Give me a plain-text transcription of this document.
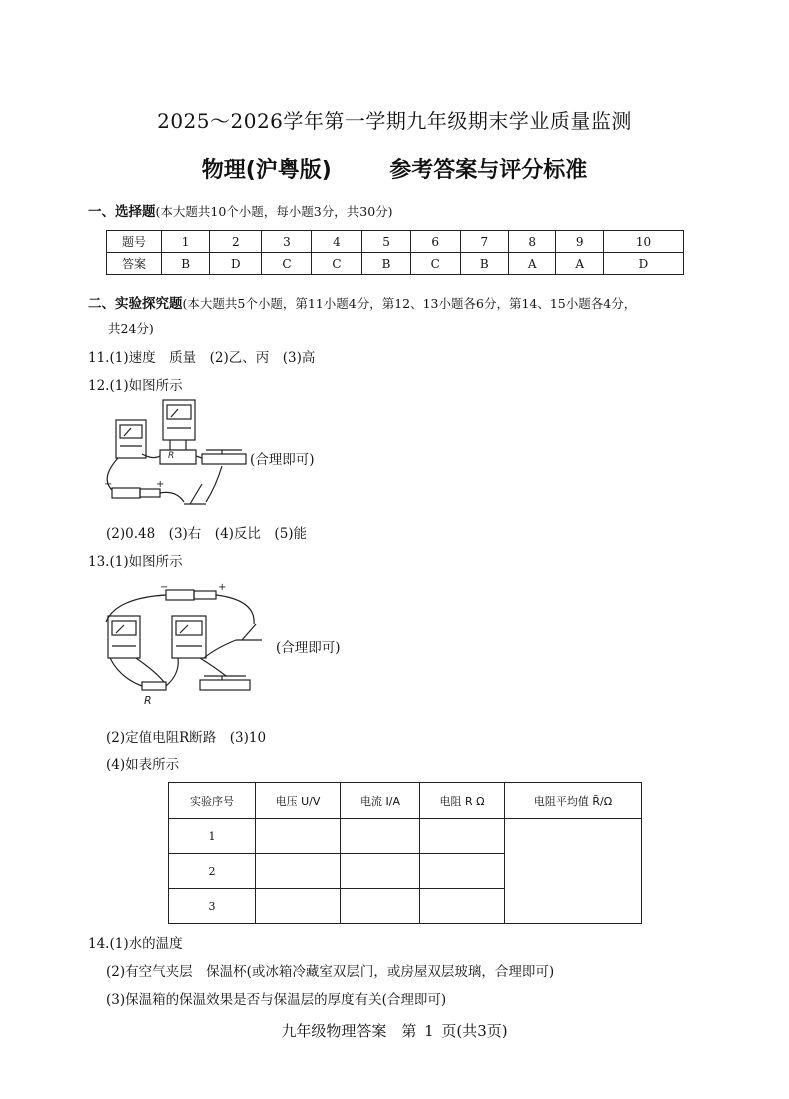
2025～2026学年第一学期九年级期末学业质量监测
物理(沪粤版)	参考答案与评分标准
一、选择题(本大题共10个小题，每小题3分，共30分)
题号	1	2	3	4	5	6	7	8	9	10
答案	B	D	C	C	B	C	B	A	A	D
二、实验探究题(本大题共5个小题，第11小题4分，第12、13小题各6分，第14、15小题各4分，
共24分)
11.(1)速度　质量　(2)乙、丙　(3)高
12.(1)如图所示
−	+
R	(合理即可)
(2)0.48　(3)右　(4)反比　(5)能
13.(1)如图所示
−	+
R
(合理即可)
(2)定值电阻R断路　(3)10
(4)如表所示
实验序号	电压 U/V	电流 I/A	电阻 R Ω	电阻平均值 R̄/Ω
1				
2				
3				
14.(1)水的温度
(2)有空气夹层　保温杯(或冰箱冷藏室双层门，或房屋双层玻璃，合理即可)
(3)保温箱的保温效果是否与保温层的厚度有关(合理即可)
九年级物理答案　第 1 页(共3页)
